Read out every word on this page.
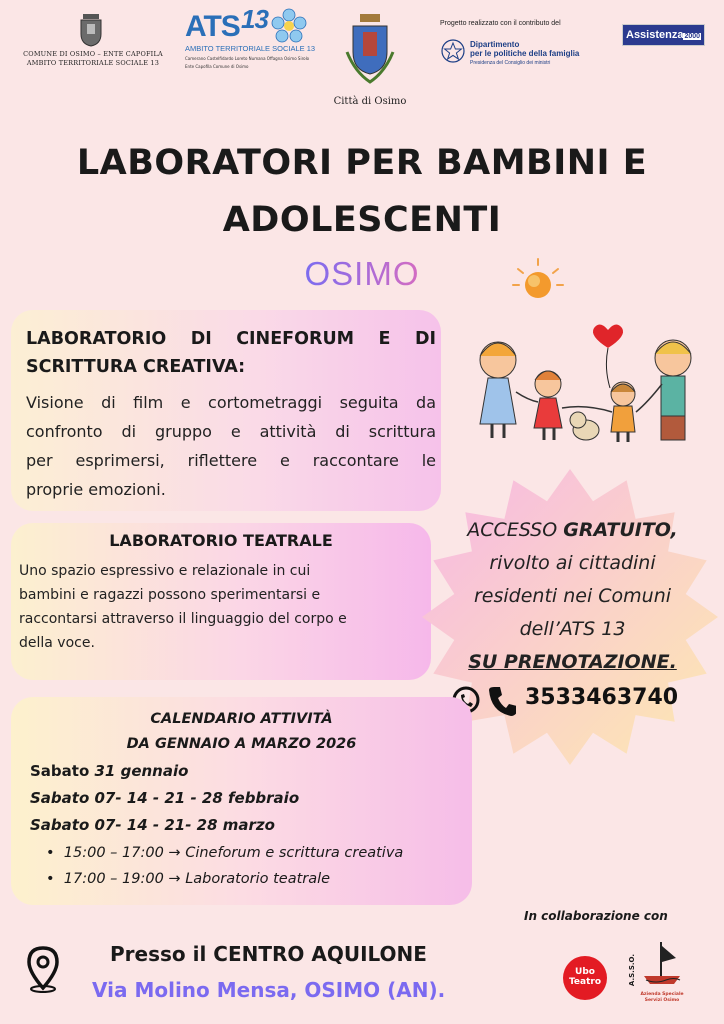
COMUNE DI OSIMO – ENTE CAPOFILA
AMBITO TERRITORIALE SOCIALE 13
ATS 13
AMBITO TERRITORIALE SOCIALE 13
Camerano Castelfidardo Loreto Numana Offagna Osimo Sirolo
Ente Capofila Comune di Osimo
Città di Osimo
Progetto realizzato con il contributo del
Dipartimento
per le politiche della famiglia
Presidenza del Consiglio dei ministri
Assistenza2000
LABORATORI PER BAMBINI E
ADOLESCENTI
OSIMO
LABORATORIO DI CINEFORUM E DI
SCRITTURA CREATIVA:
Visione di film e cortometraggi seguita da
confronto di gruppo e attività di scrittura
per esprimersi, riflettere e raccontare le
proprie emozioni.
LABORATORIO TEATRALE
Uno spazio espressivo e relazionale in cui
bambini e ragazzi possono sperimentarsi e
raccontarsi attraverso il linguaggio del corpo e
della voce.
ACCESSO GRATUITO,
rivolto ai cittadini
residenti nei Comuni
dell’ATS 13
SU PRENOTAZIONE.
3533463740
CALENDARIO ATTIVITÀ
DA GENNAIO A MARZO 2026
Sabato 31 gennaio
Sabato 07- 14 - 21 - 28 febbraio
Sabato 07- 14 - 21- 28 marzo
•  15:00 – 17:00 → Cineforum e scrittura creativa
•  17:00 – 19:00 → Laboratorio teatrale
In collaborazione con
Presso il CENTRO AQUILONE
Via Molino Mensa, OSIMO (AN).
Ubo
Teatro	A.S.S.O.
Azienda Speciale Servizi Osimo
